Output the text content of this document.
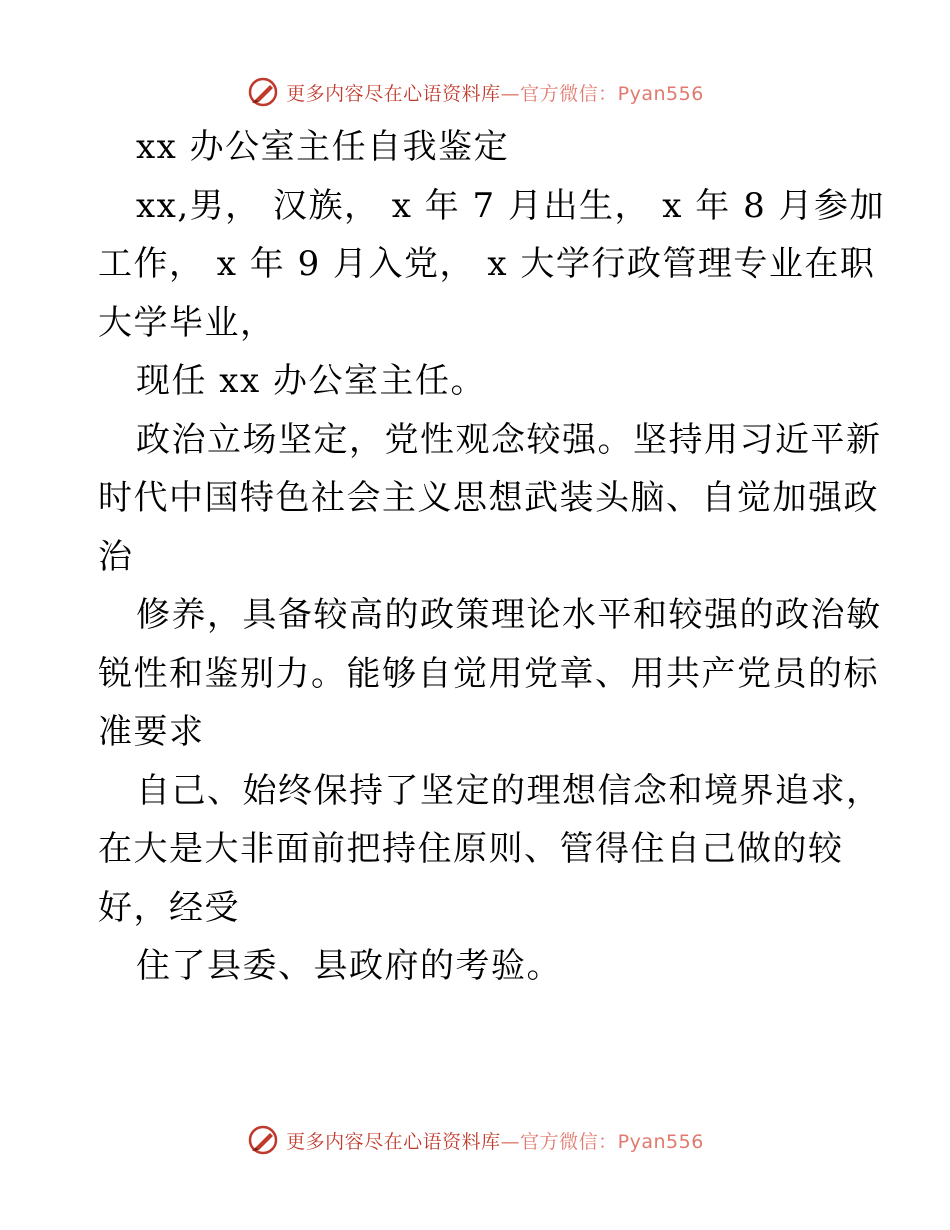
更多内容尽在心语资料库—官方微信：Pyan556
xx 办公室主任自我鉴定
xx,男， 汉族， x 年 7 月出生， x 年 8 月参加
工作， x 年 9 月入党， x 大学行政管理专业在职
大学毕业，
现任 xx 办公室主任。
政治立场坚定，党性观念较强。坚持用习近平新
时代中国特色社会主义思想武装头脑、自觉加强政
治
修养，具备较高的政策理论水平和较强的政治敏
锐性和鉴别力。能够自觉用党章、用共产党员的标
准要求
自己、始终保持了坚定的理想信念和境界追求，
在大是大非面前把持住原则、管得住自己做的较
好，经受
住了县委、县政府的考验。
更多内容尽在心语资料库—官方微信：Pyan556
